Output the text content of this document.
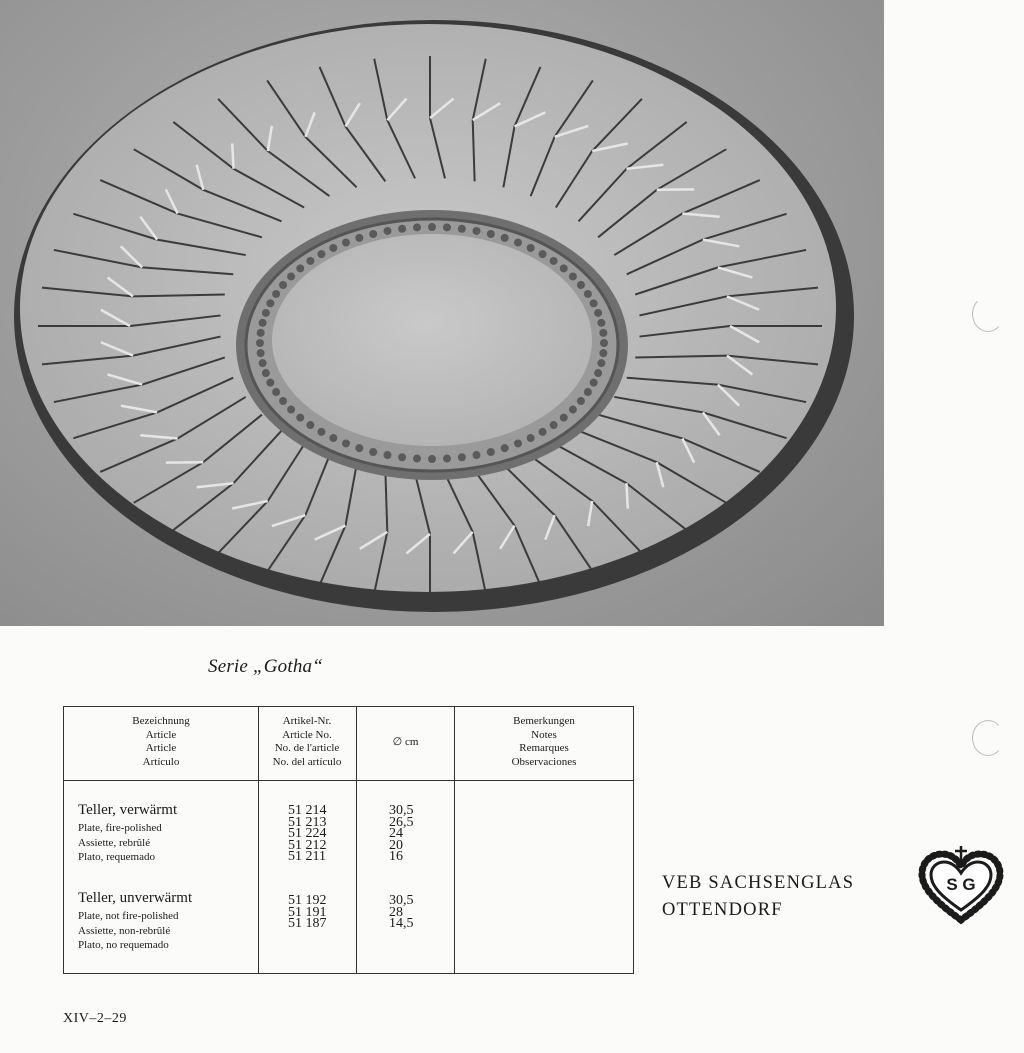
Serie „Gotha“
Bezeichnung
Article
Article
Artículo
Artikel-Nr.
Article No.
No. de l'article
No. del artículo
∅ cm
Bemerkungen
Notes
Remarques
Observaciones
Teller, verwärmt
Plate, fire-polished
Assiette, rebrûlé
Plato, requemado
51 214
51 213
51 224
51 212
51 211
30,5
26,5
24
20
16
Teller, unverwärmt
Plate, not fire-polished
Assiette, non-rebrûlé
Plato, no requemado
51 192
51 191
51 187
30,5
28
14,5
VEB SACHSENGLAS
OTTENDORF
S G
XIV–2–29
